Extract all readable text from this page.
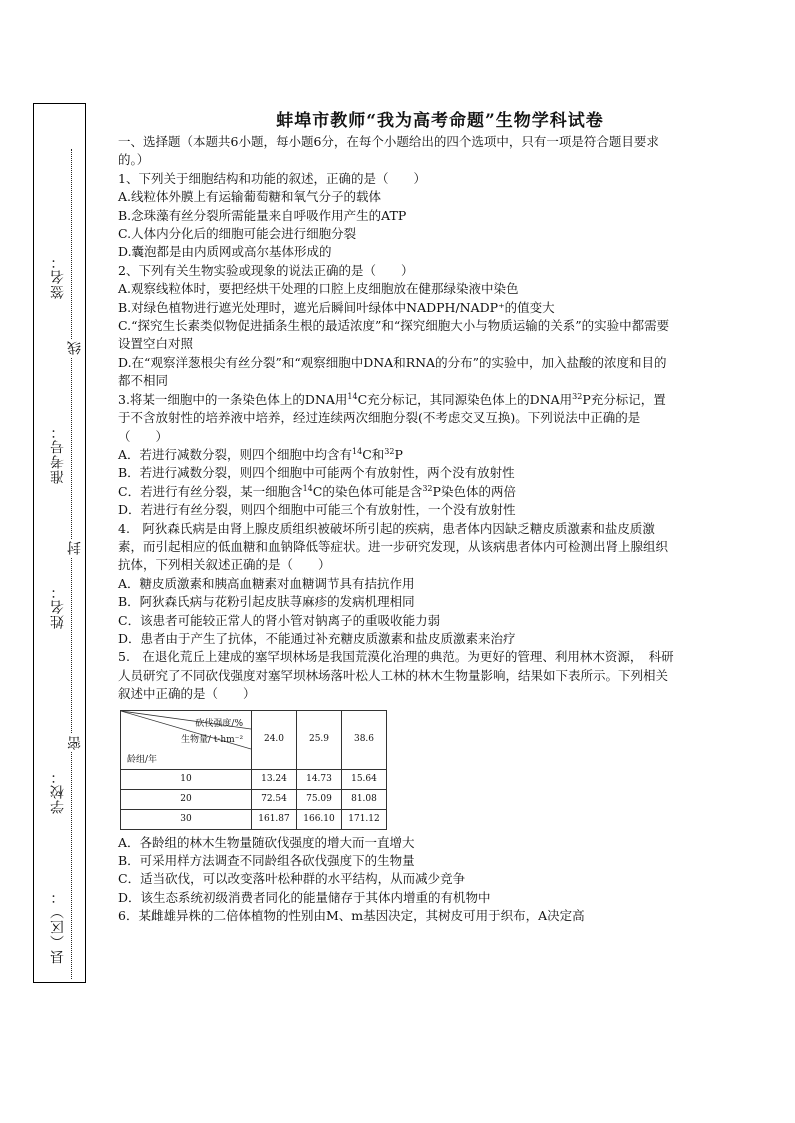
签名：
准考号：
姓名：
学校：
县（区）：
线
封
密
蚌埠市教师“我为高考命题”生物学科试卷

一、选择题（本题共6小题，每小题6分，在每个小题给出的四个选项中，只有一项是符合题目要求的。）

1、下列关于细胞结构和功能的叙述，正确的是（　　）

A.线粒体外膜上有运输葡萄糖和氧气分子的载体

B.念珠藻有丝分裂所需能量来自呼吸作用产生的ATP

C.人体内分化后的细胞可能会进行细胞分裂

D.囊泡都是由内质网或高尔基体形成的

2、下列有关生物实验或现象的说法正确的是（　　）

A.观察线粒体时，要把经烘干处理的口腔上皮细胞放在健那绿染液中染色

B.对绿色植物进行遮光处理时，遮光后瞬间叶绿体中NADPH/NADP⁺的值变大

C.“探究生长素类似物促进插条生根的最适浓度”和“探究细胞大小与物质运输的关系”的实验中都需要设置空白对照

D.在“观察洋葱根尖有丝分裂”和“观察细胞中DNA和RNA的分布”的实验中，加入盐酸的浓度和目的都不相同

3.将某一细胞中的一条染色体上的DNA用$^{14}$C充分标记，其同源染色体上的DNA用$^{32}$P充分标记，置于不含放射性的培养液中培养，经过连续两次细胞分裂(不考虑交叉互换)。下列说法中正确的是（　　）

A．若进行减数分裂，则四个细胞中均含有$^{14}$C和$^{32}$P

B．若进行减数分裂，则四个细胞中可能两个有放射性，两个没有放射性

C．若进行有丝分裂，某一细胞含$^{14}$C的染色体可能是含$^{32}$P染色体的两倍

D．若进行有丝分裂，则四个细胞中可能三个有放射性，一个没有放射性

4.　阿狄森氏病是由肾上腺皮质组织被破坏所引起的疾病，患者体内因缺乏糖皮质激素和盐皮质激素，而引起相应的低血糖和血钠降低等症状。进一步研究发现，从该病患者体内可检测出肾上腺组织抗体，下列相关叙述正确的是（　　）

A．糖皮质激素和胰高血糖素对血糖调节具有拮抗作用

B．阿狄森氏病与花粉引起皮肤荨麻疹的发病机理相同

C．该患者可能较正常人的肾小管对钠离子的重吸收能力弱

D．患者由于产生了抗体，不能通过补充糖皮质激素和盐皮质激素来治疗

5.　在退化荒丘上建成的塞罕坝林场是我国荒漠化治理的典范。为更好的管理、利用林木资源，　科研人员研究了不同砍伐强度对塞罕坝林场落叶松人工林的林木生物量影响，结果如下表所示。下列相关叙述中正确的是（　　）

砍伐强度/%
生物量/ t·hm⁻²
龄组/年	24.0	25.9	38.6
10	13.24	14.73	15.64
20	72.54	75.09	81.08
30	161.87	166.10	171.12

A．各龄组的林木生物量随砍伐强度的增大而一直增大

B．可采用样方法调查不同龄组各砍伐强度下的生物量

C．适当砍伐，可以改变落叶松种群的水平结构，从而减少竞争

D．该生态系统初级消费者同化的能量储存于其体内增重的有机物中

6．某雌雄异株的二倍体植物的性别由M、m基因决定，其树皮可用于织布，A决定高
